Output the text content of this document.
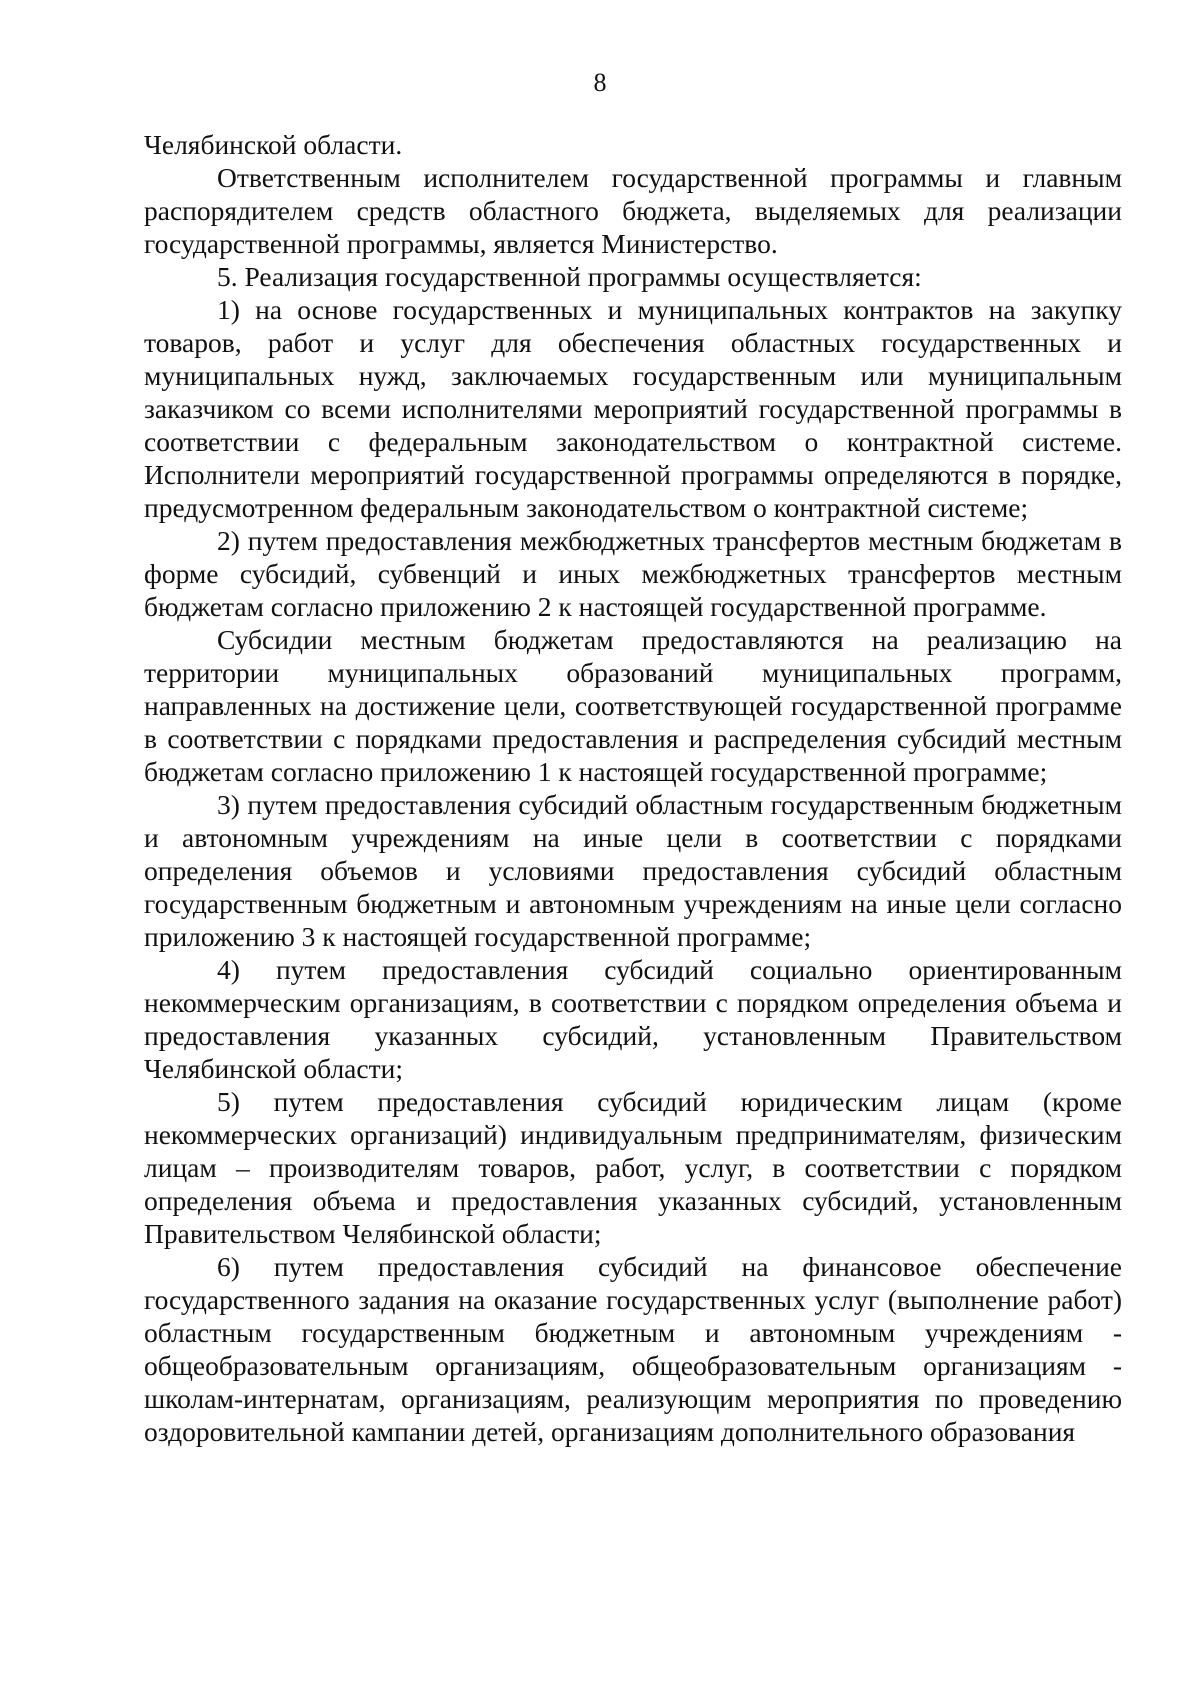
8

Челябинской области.

Ответственным исполнителем государственной программы и главным распорядителем средств областного бюджета, выделяемых для реализации государственной программы, является Министерство.

5. Реализация государственной программы осуществляется:

1) на основе государственных и муниципальных контрактов на закупку товаров, работ и услуг для обеспечения областных государственных и муниципальных нужд, заключаемых государственным или муниципальным заказчиком со всеми исполнителями мероприятий государственной программы в соответствии с федеральным законодательством о контрактной системе. Исполнители мероприятий государственной программы определяются в порядке, предусмотренном федеральным законодательством о контрактной системе;

2) путем предоставления межбюджетных трансфертов местным бюджетам в форме субсидий, субвенций и иных межбюджетных трансфертов местным бюджетам согласно приложению 2 к настоящей государственной программе.

Субсидии местным бюджетам предоставляются на реализацию на территории муниципальных образований муниципальных программ, направленных на достижение цели, соответствующей государственной программе в соответствии с порядками предоставления и распределения субсидий местным бюджетам согласно приложению 1 к настоящей государственной программе;

3) путем предоставления субсидий областным государственным бюджетным и автономным учреждениям на иные цели в соответствии с порядками определения объемов и условиями предоставления субсидий областным государственным бюджетным и автономным учреждениям на иные цели согласно приложению 3 к настоящей государственной программе;

4) путем предоставления субсидий социально ориентированным некоммерческим организациям, в соответствии с порядком определения объема и предоставления указанных субсидий, установленным Правительством Челябинской области;

5) путем предоставления субсидий юридическим лицам (кроме некоммерческих организаций) индивидуальным предпринимателям, физическим лицам – производителям товаров, работ, услуг, в соответствии с порядком определения объема и предоставления указанных субсидий, установленным Правительством Челябинской области;

6) путем предоставления субсидий на финансовое обеспечение государственного задания на оказание государственных услуг (выполнение работ) областным государственным бюджетным и автономным учреждениям - общеобразовательным организациям, общеобразовательным организациям - школам-интернатам, организациям, реализующим мероприятия по проведению оздоровительной кампании детей, организациям дополнительного образования
